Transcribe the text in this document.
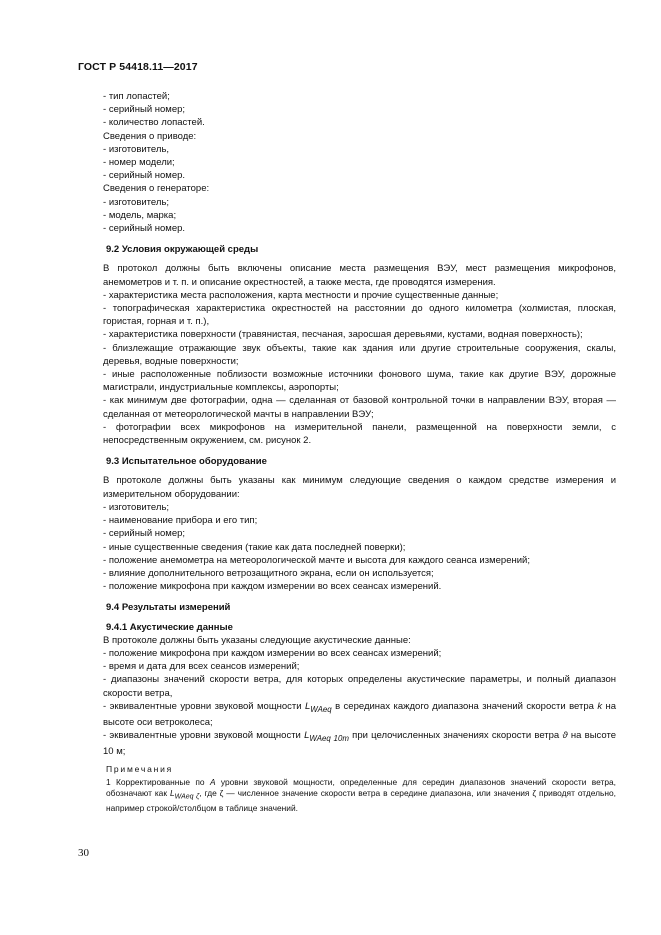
ГОСТ Р 54418.11—2017

- тип лопастей;

- серийный номер;

- количество лопастей.

Сведения о приводе:

- изготовитель,

- номер модели;

- серийный номер.

Сведения о генераторе:

- изготовитель;

- модель, марка;

- серийный номер.

9.2 Условия окружающей среды

В протокол должны быть включены описание места размещения ВЭУ, мест размещения микрофонов, анемометров и т. п. и описание окрестностей, а также места, где проводятся измерения.

- характеристика места расположения, карта местности и прочие существенные данные;

- топографическая характеристика окрестностей на расстоянии до одного километра (холмистая, плоская, гористая, горная и т. п.),

- характеристика поверхности (травянистая, песчаная, заросшая деревьями, кустами, водная поверхность);

- близлежащие отражающие звук объекты, такие как здания или другие строительные сооружения, скалы, деревья, водные поверхности;

- иные расположенные поблизости возможные источники фонового шума, такие как другие ВЭУ, дорожные магистрали, индустриальные комплексы, аэропорты;

- как минимум две фотографии, одна — сделанная от базовой контрольной точки в направлении ВЭУ, вторая — сделанная от метеорологической мачты в направлении ВЭУ;

- фотографии всех микрофонов на измерительной панели, размещенной на поверхности земли, с непосредственным окружением, см. рисунок 2.

9.3 Испытательное оборудование

В протоколе должны быть указаны как минимум следующие сведения о каждом средстве измерения и измерительном оборудовании:

- изготовитель;

- наименование прибора и его тип;

- серийный номер;

- иные существенные сведения (такие как дата последней поверки);

- положение анемометра на метеорологической мачте и высота для каждого сеанса измерений;

- влияние дополнительного ветрозащитного экрана, если он используется;

- положение микрофона при каждом измерении во всех сеансах измерений.

9.4 Результаты измерений

9.4.1 Акустические данные

В протоколе должны быть указаны следующие акустические данные:

- положение микрофона при каждом измерении во всех сеансах измерений;

- время и дата для всех сеансов измерений;

- диапазоны значений скорости ветра, для которых определены акустические параметры, и полный диапазон скорости ветра,

- эквивалентные уровни звуковой мощности $L_{WAeq}$ в серединах каждого диапазона значений скорости ветра k на высоте оси ветроколеса;

- эквивалентные уровни звуковой мощности $L_{WAeq 10m}$ при целочисленных значениях скорости ветра ϑ на высоте 10 м;

Примечания

1 Корректированные по А уровни звуковой мощности, определенные для середин диапазонов значений скорости ветра, обозначают как $L_{WAeq \zeta}$, где ζ — численное значение скорости ветра в середине диапазона, или значения ζ приводят отдельно, например строкой/столбцом в таблице значений.

30
